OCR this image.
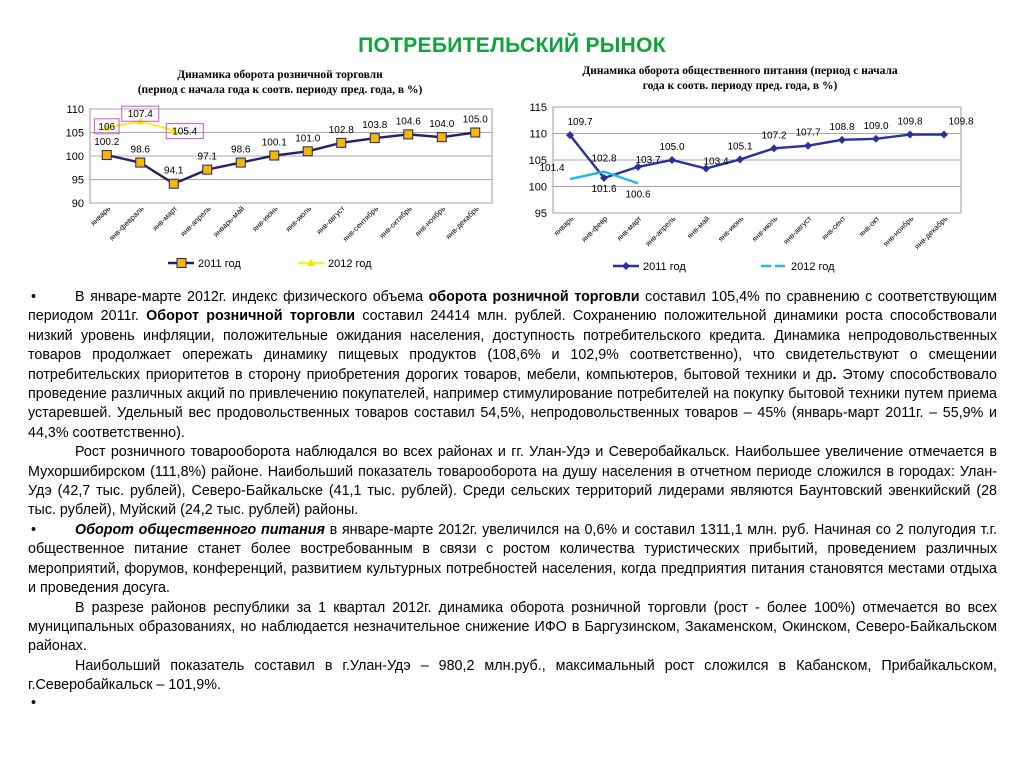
ПОТРЕБИТЕЛЬСКИЙ РЫНОК
Динамика оборота розничной торговли
(период с начала года к соотв. периоду пред. года, в %)
90
95
100
105
110
январь
янв-февраль янв-март янв-апрель
январь-май янв-июнь янв-июль янв-август
янв-сентябрь
янв-октябрь янв-ноябрь
янв-декабрь
100.2
98.6
94.1
97.1
98.6
100.1 101.0
102.8 103.8 104.6 104.0 105.0
106
107.4
105.4
2011 год	2012 год
Динамика оборота общественного питания (период с начала
года к соотв. периоду пред. года, в %)
95
100
105
110
115
январь янв-февр янв-март янв-апрель янв-май янв-июнь янв-июль янв-август янв-сент янв-окт янв-ноябрь
янв-декабрь
109.7
101.6
103.7
105.0
103.4
105.1
107.2 107.7
108.8 109.0 109.8	109.8
101.4
102.8
100.6
2011 год	2012 год

•	В январе-марте 2012г. индекс физического объема оборота розничной торговли составил 105,4% по сравнению с соответствующим периодом 2011г. Оборот розничной торговли составил 24414 млн. рублей. Сохранению положительной динамики роста способствовали низкий уровень инфляции, положительные ожидания населения, доступность потребительского кредита. Динамика непродовольственных товаров продолжает опережать динамику пищевых продуктов (108,6% и 102,9% соответственно), что свидетельствуют о смещении потребительских приоритетов в сторону приобретения дорогих товаров, мебели, компьютеров, бытовой техники и др. Этому способствовало проведение различных акций по привлечению покупателей, например стимулирование потребителей на покупку бытовой техники путем приема устаревшей. Удельный вес продовольственных товаров составил 54,5%, непродовольственных товаров – 45% (январь-март 2011г. – 55,9% и 44,3% соответственно).

Рост розничного товарооборота наблюдался во всех районах и гг. Улан-Удэ и Северобайкальск. Наибольшее увеличение отмечается в Мухоршибирском (111,8%) районе. Наибольший показатель товарооборота на душу населения в отчетном периоде сложился в городах: Улан-Удэ (42,7 тыс. рублей), Северо-Байкальске (41,1 тыс. рублей). Среди сельских территорий лидерами являются Баунтовский эвенкийский (28 тыс. рублей), Муйский (24,2 тыс. рублей) районы.

•	Оборот общественного питания в январе-марте 2012г. увеличился на 0,6% и составил 1311,1 млн. руб. Начиная со 2 полугодия т.г. общественное питание станет более востребованным в связи с ростом количества туристических прибытий, проведением различных мероприятий, форумов, конференций, развитием культурных потребностей населения, когда предприятия питания становятся местами отдыха и проведения досуга.

В разрезе районов республики за 1 квартал 2012г. динамика оборота розничной торговли (рост - более 100%) отмечается во всех муниципальных образованиях, но наблюдается незначительное снижение ИФО в Баргузинском, Закаменском, Окинском, Северо-Байкальском районах.

Наибольший показатель составил в г.Улан-Удэ – 980,2 млн.руб., максимальный рост сложился в Кабанском, Прибайкальском, г.Северобайкальск – 101,9%.

•
